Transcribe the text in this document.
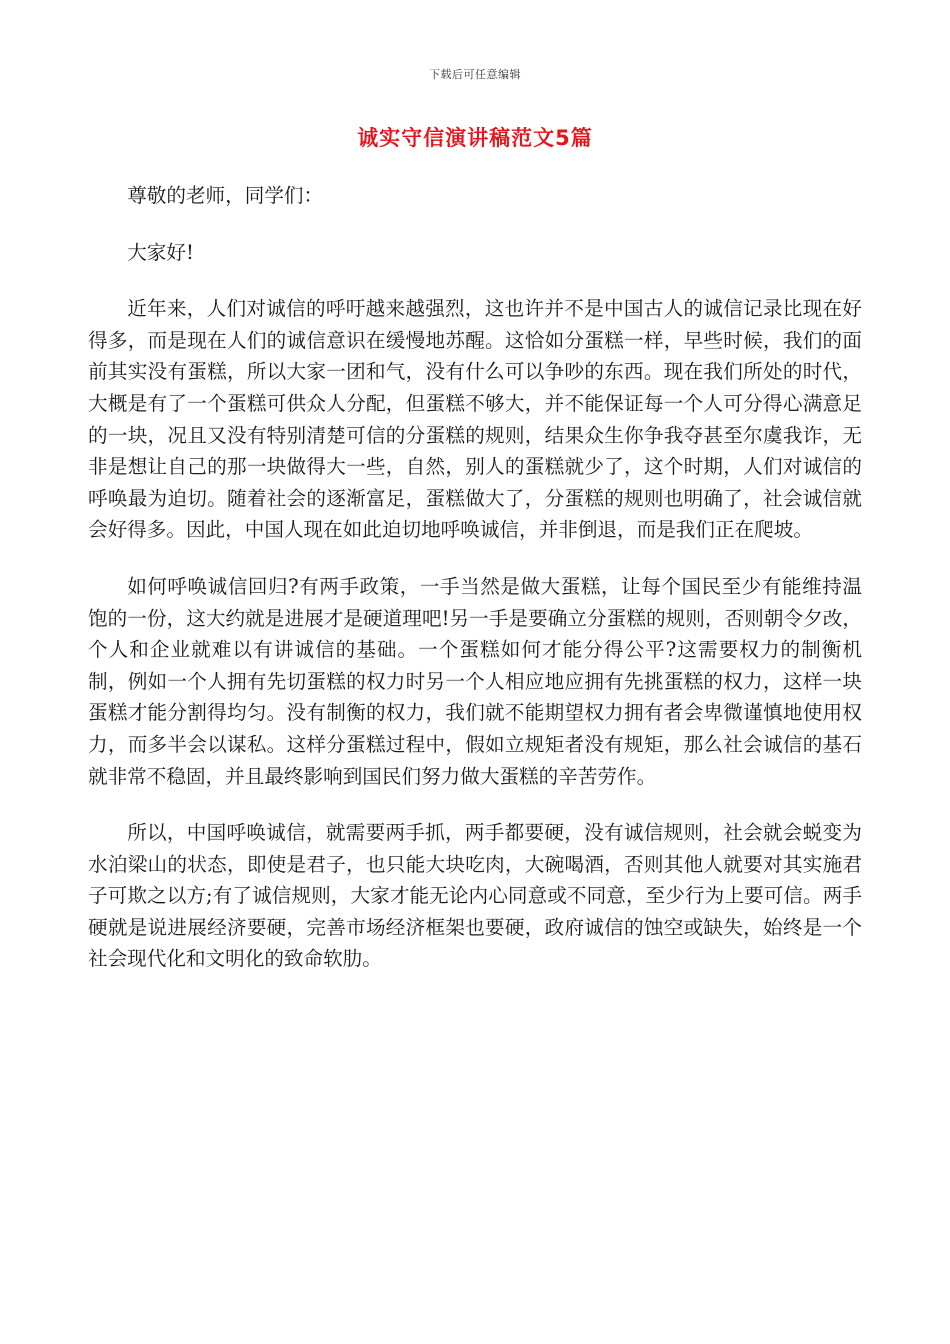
下载后可任意编辑
诚实守信演讲稿范文5篇

尊敬的老师，同学们：

大家好!

近年来，人们对诚信的呼吁越来越强烈，这也许并不是中国古人的诚信记录比现在好得多，而是现在人们的诚信意识在缓慢地苏醒。这恰如分蛋糕一样，早些时候，我们的面前其实没有蛋糕，所以大家一团和气，没有什么可以争吵的东西。现在我们所处的时代，大概是有了一个蛋糕可供众人分配，但蛋糕不够大，并不能保证每一个人可分得心满意足的一块，况且又没有特别清楚可信的分蛋糕的规则，结果众生你争我夺甚至尔虞我诈，无非是想让自己的那一块做得大一些，自然，别人的蛋糕就少了，这个时期，人们对诚信的呼唤最为迫切。随着社会的逐渐富足，蛋糕做大了，分蛋糕的规则也明确了，社会诚信就会好得多。因此，中国人现在如此迫切地呼唤诚信，并非倒退，而是我们正在爬坡。

如何呼唤诚信回归?有两手政策，一手当然是做大蛋糕，让每个国民至少有能维持温饱的一份，这大约就是进展才是硬道理吧!另一手是要确立分蛋糕的规则，否则朝令夕改，个人和企业就难以有讲诚信的基础。一个蛋糕如何才能分得公平?这需要权力的制衡机制，例如一个人拥有先切蛋糕的权力时另一个人相应地应拥有先挑蛋糕的权力，这样一块蛋糕才能分割得均匀。没有制衡的权力，我们就不能期望权力拥有者会卑微谨慎地使用权力，而多半会以谋私。这样分蛋糕过程中，假如立规矩者没有规矩，那么社会诚信的基石就非常不稳固，并且最终影响到国民们努力做大蛋糕的辛苦劳作。

所以，中国呼唤诚信，就需要两手抓，两手都要硬，没有诚信规则，社会就会蜕变为水泊梁山的状态，即使是君子，也只能大块吃肉，大碗喝酒，否则其他人就要对其实施君子可欺之以方;有了诚信规则，大家才能无论内心同意或不同意，至少行为上要可信。两手硬就是说进展经济要硬，完善市场经济框架也要硬，政府诚信的蚀空或缺失，始终是一个社会现代化和文明化的致命软肋。
